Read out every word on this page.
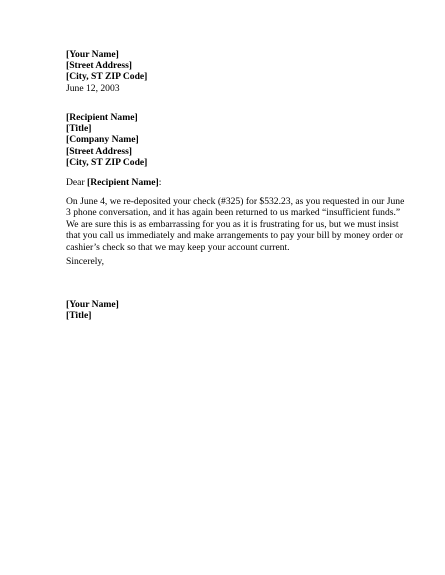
[Your Name]
[Street Address]
[City, ST ZIP Code]
June 12, 2003
[Recipient Name]
[Title]
[Company Name]
[Street Address]
[City, ST ZIP Code]
Dear [Recipient Name]:
On June 4, we re-deposited your check (#325) for $532.23, as you requested in our June 3 phone conversation, and it has again been returned to us marked “insufficient funds.” We are sure this is as embarrassing for you as it is frustrating for us, but we must insist that you call us immediately and make arrangements to pay your bill by money order or cashier’s check so that we may keep your account current.
Sincerely,
[Your Name]
[Title]
